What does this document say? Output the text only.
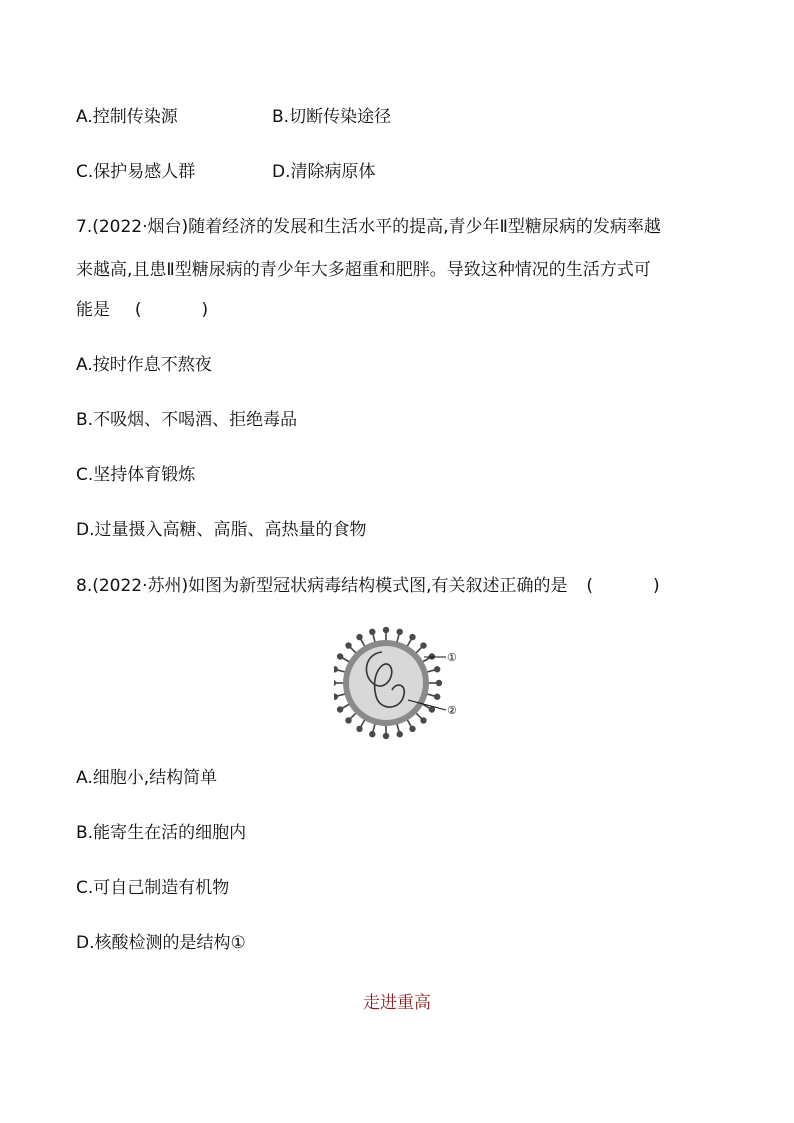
A.控制传染源	B.切断传染途径
C.保护易感人群	D.清除病原体
7.(2022·烟台)随着经济的发展和生活水平的提高,青少年Ⅱ型糖尿病的发病率越
来越高,且患Ⅱ型糖尿病的青少年大多超重和肥胖。导致这种情况的生活方式可
能是 (	)
A.按时作息不熬夜
B.不吸烟、不喝酒、拒绝毒品
C.坚持体育锻炼
D.过量摄入高糖、高脂、高热量的食物
8.(2022·苏州)如图为新型冠状病毒结构模式图,有关叙述正确的是 (	)
①
②
A.细胞小,结构简单
B.能寄生在活的细胞内
C.可自己制造有机物
D.核酸检测的是结构①
走进重高
